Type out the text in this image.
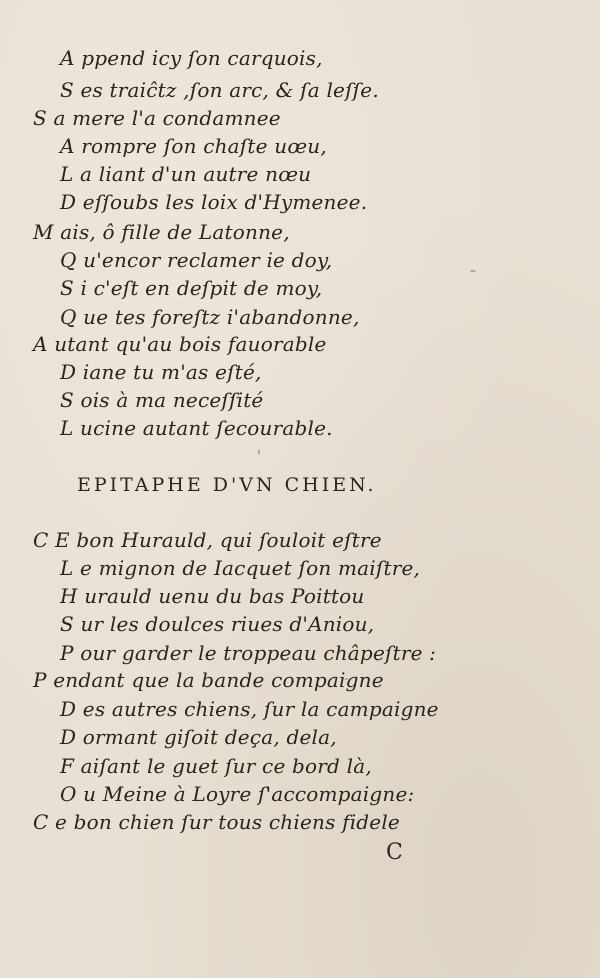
A ppend icy ſon carquois,
S es traiĉtz ,ſon arc, & ſa leſſe.
S a mere l'a condamnee
A rompre ſon chaſte uœu,
L a liant d'un autre nœu
D eſſoubs les loix d'Hymenee.
M ais, ô fille de Latonne,
Q u'encor reclamer ie doy,
S i c'eſt en deſpit de moy,
Q ue tes foreſtz i'abandonne,
A utant qu'au bois fauorable
D iane tu m'as eſté,
S ois à ma neceſſité
L ucine autant ſecourable.
EPITAPHE D'VN CHIEN.
C E bon Hurauld, qui ſouloit eſtre
L e mignon de Iacquet ſon maiſtre,
H urauld uenu du bas Poittou
S ur les doulces riues d'Aniou,
P our garder le troppeau châpeſtre :
P endant que la bande compaigne
D es autres chiens, ſur la campaigne
D ormant giſoit deça, dela,
F aiſant le guet ſur ce bord là,
O u Meine à Loyre ſ'accompaigne:
C e bon chien ſur tous chiens fidele
C
